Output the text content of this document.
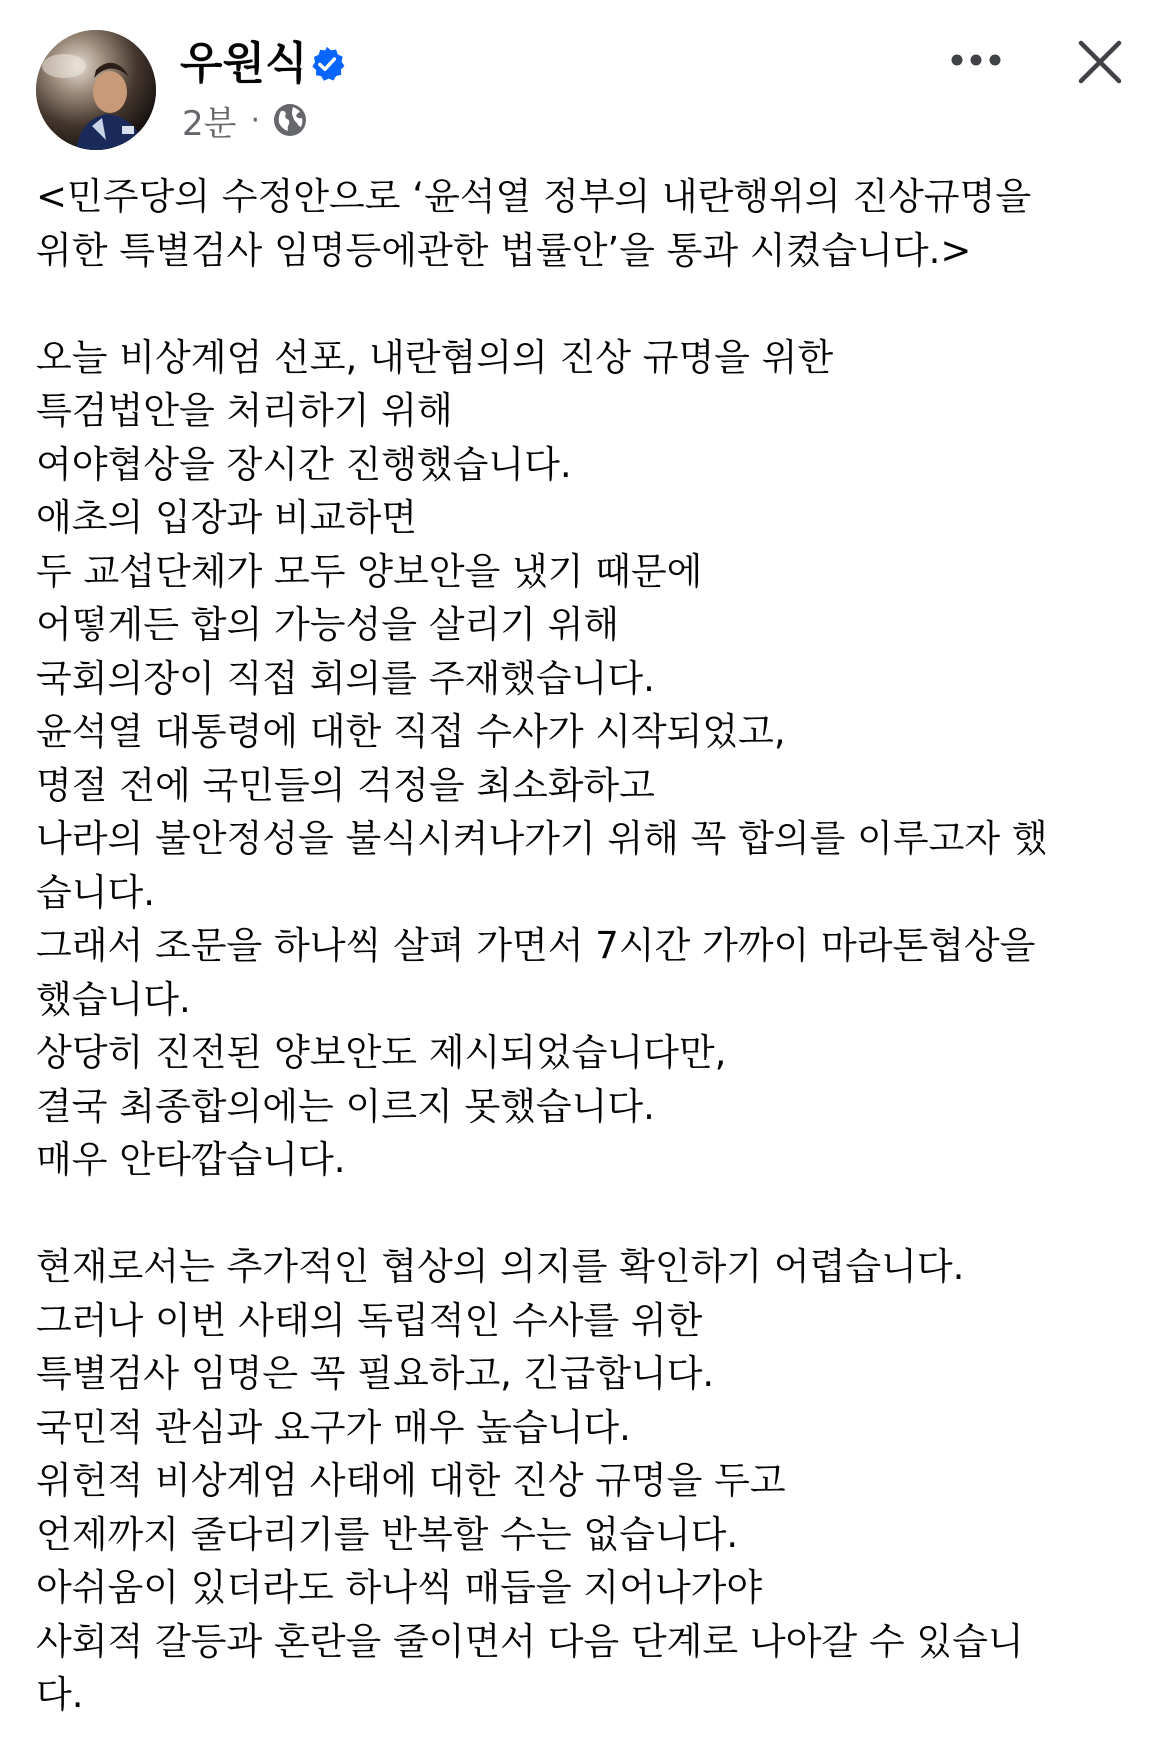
우원식
2분 ·
<민주당의 수정안으로 ‘윤석열 정부의 내란행위의 진상규명을
위한 특별검사 임명등에관한 법률안’을 통과 시켰습니다.>
오늘 비상계엄 선포, 내란혐의의 진상 규명을 위한
특검법안을 처리하기 위해
여야협상을 장시간 진행했습니다.
애초의 입장과 비교하면
두 교섭단체가 모두 양보안을 냈기 때문에
어떻게든 합의 가능성을 살리기 위해
국회의장이 직접 회의를 주재했습니다.
윤석열 대통령에 대한 직접 수사가 시작되었고,
명절 전에 국민들의 걱정을 최소화하고
나라의 불안정성을 불식시켜나가기 위해 꼭 합의를 이루고자 했
습니다.
그래서 조문을 하나씩 살펴 가면서 7시간 가까이 마라톤협상을
했습니다.
상당히 진전된 양보안도 제시되었습니다만,
결국 최종합의에는 이르지 못했습니다.
매우 안타깝습니다.
현재로서는 추가적인 협상의 의지를 확인하기 어렵습니다.
그러나 이번 사태의 독립적인 수사를 위한
특별검사 임명은 꼭 필요하고, 긴급합니다.
국민적 관심과 요구가 매우 높습니다.
위헌적 비상계엄 사태에 대한 진상 규명을 두고
언제까지 줄다리기를 반복할 수는 없습니다.
아쉬움이 있더라도 하나씩 매듭을 지어나가야
사회적 갈등과 혼란을 줄이면서 다음 단계로 나아갈 수 있습니
다.
